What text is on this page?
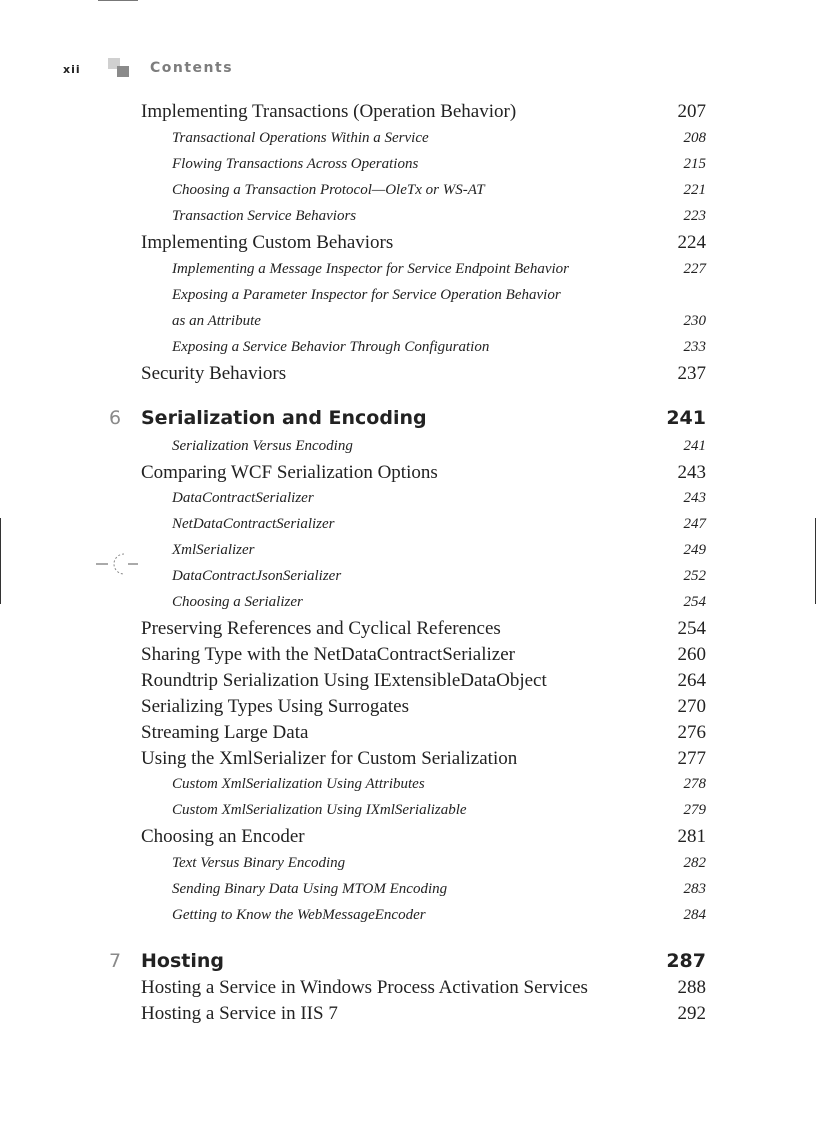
xii	Contents
Implementing Transactions (Operation Behavior)	207
Transactional Operations Within a Service	208
Flowing Transactions Across Operations	215
Choosing a Transaction Protocol—OleTx or WS-AT	221
Transaction Service Behaviors	223
Implementing Custom Behaviors	224
Implementing a Message Inspector for Service Endpoint Behavior	227
Exposing a Parameter Inspector for Service Operation Behavior
as an Attribute	230
Exposing a Service Behavior Through Configuration	233
Security Behaviors	237
6 Serialization and Encoding	241
Serialization Versus Encoding	241
Comparing WCF Serialization Options	243
DataContractSerializer	243
NetDataContractSerializer	247
XmlSerializer	249
DataContractJsonSerializer	252
Choosing a Serializer	254
Preserving References and Cyclical References	254
Sharing Type with the NetDataContractSerializer	260
Roundtrip Serialization Using IExtensibleDataObject	264
Serializing Types Using Surrogates	270
Streaming Large Data	276
Using the XmlSerializer for Custom Serialization	277
Custom XmlSerialization Using Attributes	278
Custom XmlSerialization Using IXmlSerializable	279
Choosing an Encoder	281
Text Versus Binary Encoding	282
Sending Binary Data Using MTOM Encoding	283
Getting to Know the WebMessageEncoder	284
7 Hosting	287
Hosting a Service in Windows Process Activation Services	288
Hosting a Service in IIS 7	292
